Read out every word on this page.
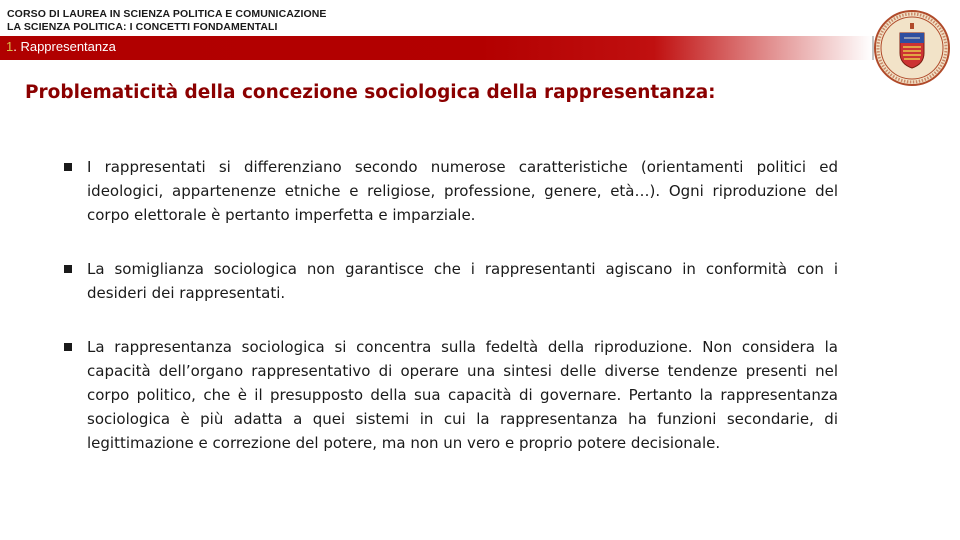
CORSO DI LAUREA IN SCIENZA POLITICA E COMUNICAZIONE
LA SCIENZA POLITICA: I CONCETTI FONDAMENTALI
1. Rappresentanza
Problematicità della concezione sociologica della rappresentanza:
I rappresentati si differenziano secondo numerose caratteristiche (orientamenti politici ed ideologici, appartenenze etniche e religiose, professione, genere, età…). Ogni riproduzione del corpo elettorale è pertanto imperfetta e imparziale.
La somiglianza sociologica non garantisce che i rappresentanti agiscano in conformità con i desideri dei rappresentati.
La rappresentanza sociologica si concentra sulla fedeltà della riproduzione. Non considera la capacità dell’organo rappresentativo di operare una sintesi delle diverse tendenze presenti nel corpo politico, che è il presupposto della sua capacità di governare. Pertanto la rappresentanza sociologica è più adatta a quei sistemi in cui la rappresentanza ha funzioni secondarie, di legittimazione e correzione del potere, ma non un vero e proprio potere decisionale.
